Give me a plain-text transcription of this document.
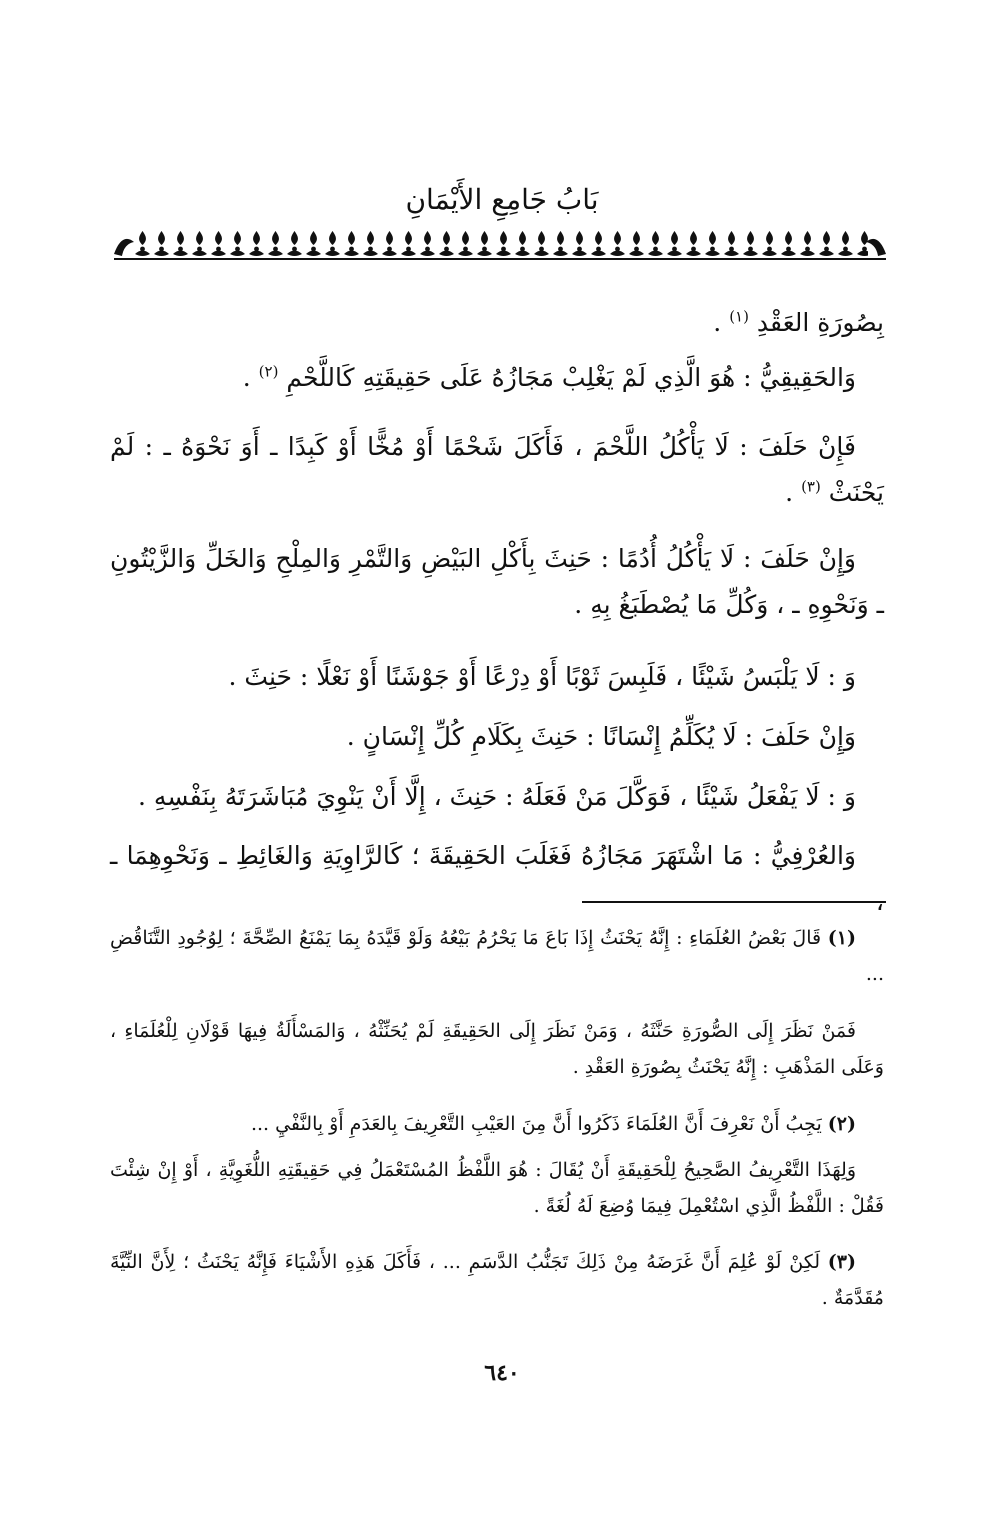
بَابُ جَامِعِ الأَيْمَانِ
بِصُورَةِ العَقْدِ $^{(١)}$ .
وَالحَقِيقِيُّ : هُوَ الَّذِي لَمْ يَغْلِبْ مَجَازُهُ عَلَى حَقِيقَتِهِ كَاللَّحْمِ $^{(٢)}$ .
فَإِنْ حَلَفَ : لَا يَأْكُلُ اللَّحْمَ ، فَأَكَلَ شَحْمًا أَوْ مُخًّا أَوْ كَبِدًا ـ أَوَ نَحْوَهُ ـ : لَمْ يَحْنَثْ $^{(٣)}$ .
وَإِنْ حَلَفَ : لَا يَأْكُلُ أُدُمًا : حَنِثَ بِأَكْلِ البَيْضِ وَالتَّمْرِ وَالمِلْحِ وَالخَلِّ وَالزَّيْتُونِ ـ وَنَحْوِهِ ـ ، وَكُلِّ مَا يُصْطَبَغُ بِهِ .
وَ : لَا يَلْبَسُ شَيْئًا ، فَلَبِسَ ثَوْبًا أَوْ دِرْعًا أَوْ جَوْشَنًا أَوْ نَعْلًا : حَنِثَ .
وَإِنْ حَلَفَ : لَا يُكَلِّمُ إِنْسَانًا : حَنِثَ بِكَلَامِ كُلِّ إِنْسَانٍ .
وَ : لَا يَفْعَلُ شَيْئًا ، فَوَكَّلَ مَنْ فَعَلَهُ : حَنِثَ ، إِلَّا أَنْ يَنْوِيَ مُبَاشَرَتَهُ بِنَفْسِهِ .
وَالعُرْفِيُّ : مَا اشْتَهَرَ مَجَازُهُ فَغَلَبَ الحَقِيقَةَ ؛ كَالرَّاوِيَةِ وَالغَائِطِ ـ وَنَحْوِهِمَا ـ ،
(١) قَالَ بَعْضُ العُلَمَاءِ : إِنَّهُ يَحْنَثُ إِذَا بَاعَ مَا يَحْرُمُ بَيْعُهُ وَلَوْ قَيَّدَهُ بِمَا يَمْنَعُ الصِّحَّةَ ؛ لِوُجُودِ التَّنَاقُضِ ...
فَمَنْ نَظَرَ إِلَى الصُّورَةِ حَنَّثَهُ ، وَمَنْ نَظَرَ إِلَى الحَقِيقَةِ لَمْ يُحَنِّثْهُ ، وَالمَسْأَلَةُ فِيهَا قَوْلَانِ لِلْعُلَمَاءِ ، وَعَلَى المَذْهَبِ : إِنَّهُ يَحْنَثُ بِصُورَةِ العَقْدِ .
(٢) يَجِبُ أَنْ نَعْرِفَ أَنَّ العُلَمَاءَ ذَكَرُوا أَنَّ مِنَ العَيْبِ التَّعْرِيفَ بِالعَدَمِ أَوْ بِالنَّفْيِ ...
وَلِهَذَا التَّعْرِيفُ الصَّحِيحُ لِلْحَقِيقَةِ أَنْ يُقَالَ : هُوَ اللَّفْظُ المُسْتَعْمَلُ فِي حَقِيقَتِهِ اللُّغَوِيَّةِ ، أَوْ إِنْ شِئْتَ فَقُلْ : اللَّفْظُ الَّذِي اسْتُعْمِلَ فِيمَا وُضِعَ لَهُ لُغَةً .
(٣) لَكِنْ لَوْ عُلِمَ أَنَّ غَرَضَهُ مِنْ ذَلِكَ تَجَنُّبُ الدَّسَمِ ... ، فَأَكَلَ هَذِهِ الأَشْيَاءَ فَإِنَّهُ يَحْنَثُ ؛ لِأَنَّ النِّيَّةَ مُقَدَّمَةٌ .
٦٤٠
